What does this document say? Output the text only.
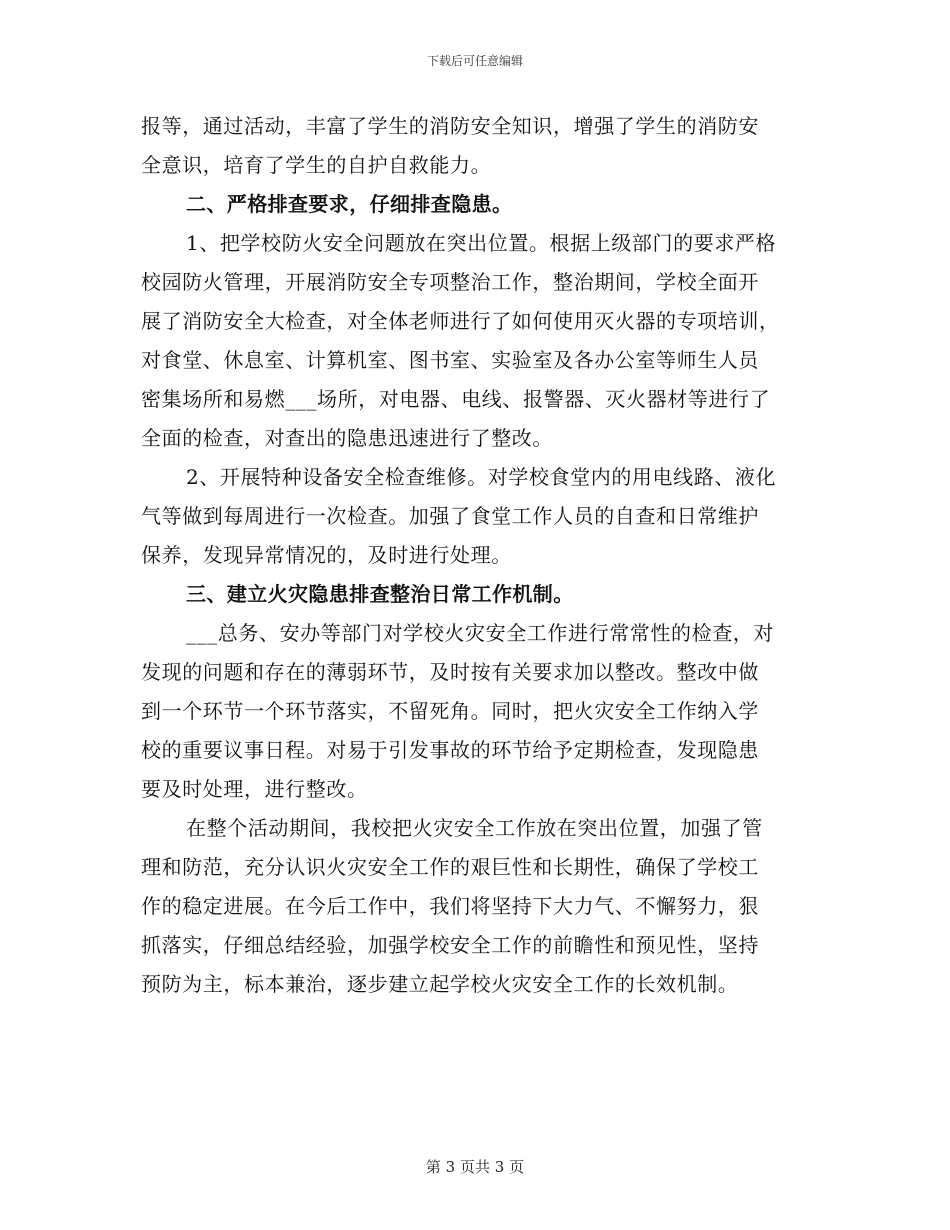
下载后可任意编辑
报等，通过活动，丰富了学生的消防安全知识，增强了学生的消防安
全意识，培育了学生的自护自救能力。
二、严格排查要求，仔细排查隐患。
1、把学校防火安全问题放在突出位置。根据上级部门的要求严格
校园防火管理，开展消防安全专项整治工作，整治期间，学校全面开
展了消防安全大检查，对全体老师进行了如何使用灭火器的专项培训，
对食堂、休息室、计算机室、图书室、实验室及各办公室等师生人员
密集场所和易燃___场所，对电器、电线、报警器、灭火器材等进行了
全面的检查，对查出的隐患迅速进行了整改。
2、开展特种设备安全检查维修。对学校食堂内的用电线路、液化
气等做到每周进行一次检查。加强了食堂工作人员的自查和日常维护
保养，发现异常情况的，及时进行处理。
三、建立火灾隐患排查整治日常工作机制。
___总务、安办等部门对学校火灾安全工作进行常常性的检查，对
发现的问题和存在的薄弱环节，及时按有关要求加以整改。整改中做
到一个环节一个环节落实，不留死角。同时，把火灾安全工作纳入学
校的重要议事日程。对易于引发事故的环节给予定期检查，发现隐患
要及时处理，进行整改。
在整个活动期间，我校把火灾安全工作放在突出位置，加强了管
理和防范，充分认识火灾安全工作的艰巨性和长期性，确保了学校工
作的稳定进展。在今后工作中，我们将坚持下大力气、不懈努力，狠
抓落实，仔细总结经验，加强学校安全工作的前瞻性和预见性，坚持
预防为主，标本兼治，逐步建立起学校火灾安全工作的长效机制。
第 3 页共 3 页
